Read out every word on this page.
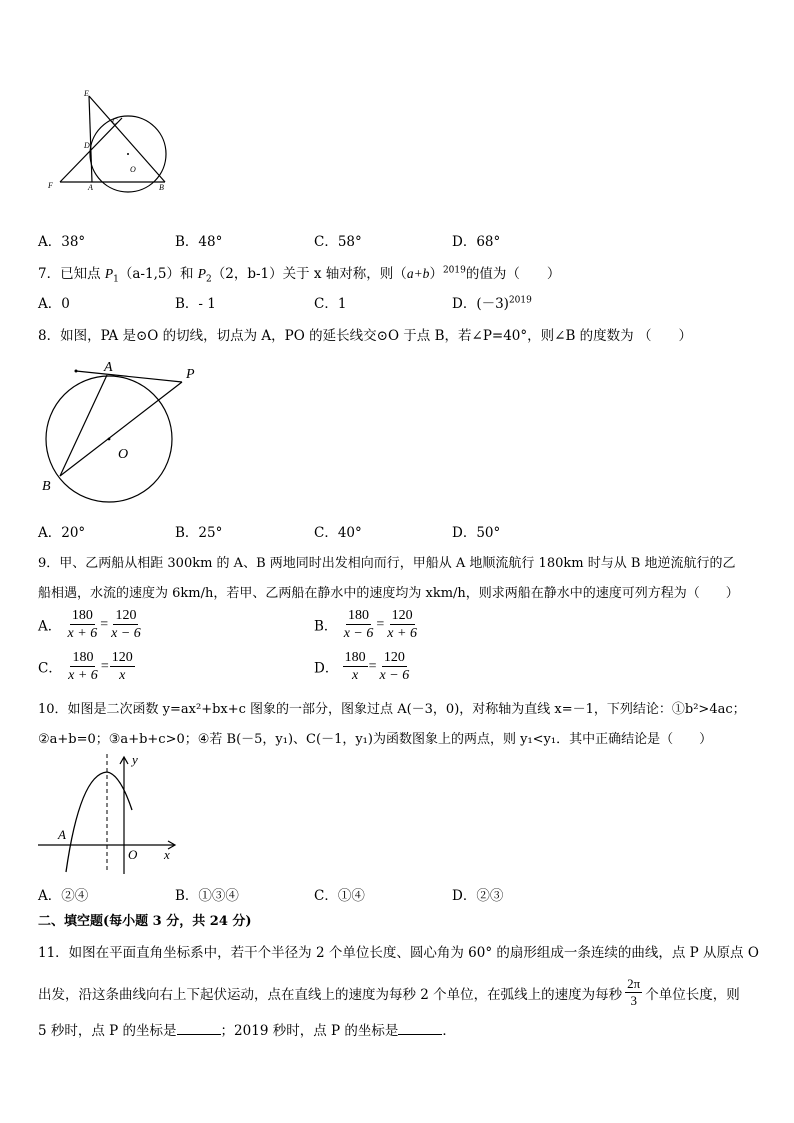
E
C
D
O
F	A	B
A．38°	B．48°	C．58°	D．68°
7．已知点 $P_1(a-1,5)$和 $P_2(2$，b-1）关于 x 轴对称，则$(a+b)^{2019}$的值为（　　）
A．0	B．- 1	C．1	D．$(-3)^{2019}$
8．如图，PA 是⊙O 的切线，切点为 A，PO 的延长线交⊙O 于点 B，若∠P=40°，则∠B 的度数为 （　　）
A	P
O
B
A．20°	B．25°	C．40°	D．50°
9．甲、乙两船从相距 300km 的 A、B 两地同时出发相向而行，甲船从 A 地顺流航行 180km 时与从 B 地逆流航行的乙
船相遇，水流的速度为 6km/h，若甲、乙两船在静水中的速度均为 xkm/h，则求两船在静水中的速度可列方程为（　　）
A． $\frac{180}{x + 6} = \frac{120}{x - 6}$	B． $\frac{180}{x - 6} = \frac{120}{x + 6}$
C． $\frac{180}{x + 6} = \frac{120}{x}$	D． $\frac{180}{x} = \frac{120}{x - 6}$
10．如图是二次函数 y=ax²+bx+c 图象的一部分，图象过点 A(－3，0)，对称轴为直线 x=－1，下列结论：①b²>4ac；
②a+b=0；③a+b+c>0；④若 B(－5，y₁)、C(－1，y₁)为函数图象上的两点，则 y₁<y₁．其中正确结论是（　　）
y
A
O x
A．②④	B．①③④	C．①④	D．②③
二、填空题(每小题 3 分，共 24 分)
11．如图在平面直角坐标系中，若干个半径为 2 个单位长度、圆心角为 60° 的扇形组成一条连续的曲线，点 P 从原点 O
出发，沿这条曲线向右上下起伏运动，点在直线上的速度为每秒 2 个单位，在弧线上的速度为每秒 $\frac{2\pi}{3}$ 个单位长度，则
5 秒时，点 P 的坐标是	；2019 秒时，点 P 的坐标是	．
